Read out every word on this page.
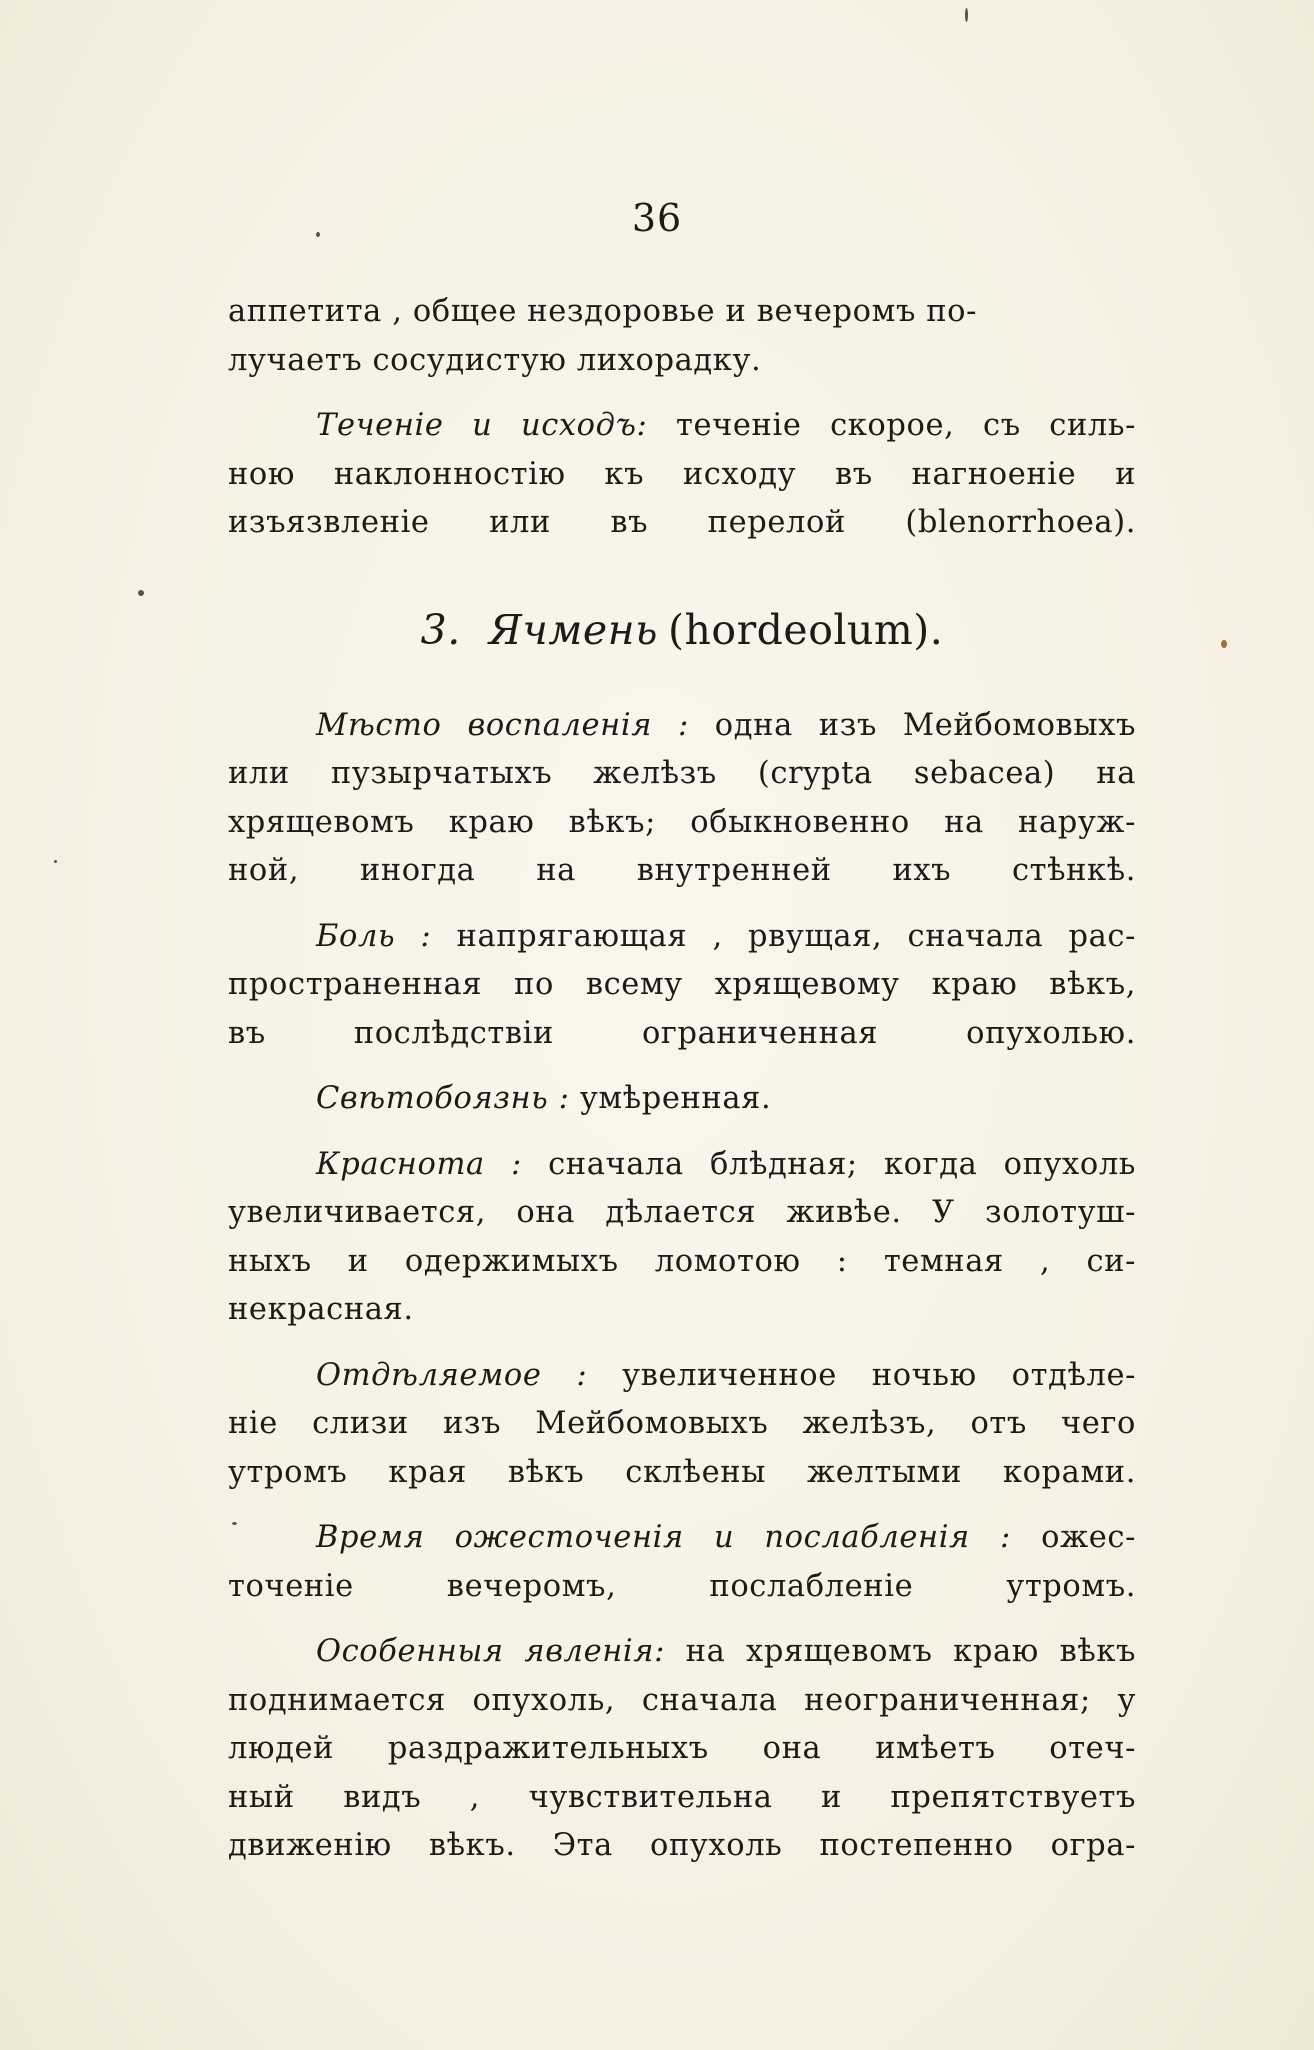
36

аппетита , общее нездоровье и вечеромъ по-
лучаетъ сосудистую лихорадку.

Теченіе и исходъ: теченіе скорое, съ силь-
ною наклонностію къ исходу въ нагноеніе и
изъязвленіе или въ перелой (blenorrhoea).

3. Ячмень (hordeolum).

Мѣсто воспаленія : одна изъ Мейбомовыхъ
или пузырчатыхъ желѣзъ (crypta sebacea) на
хрящевомъ краю вѣкъ; обыкновенно на наруж-
ной, иногда на внутренней ихъ стѣнкѣ.

Боль : напрягающая , рвущая, сначала рас-
пространенная по всему хрящевому краю вѣкъ,
въ послѣдствіи ограниченная опухолью.

Свѣтобоязнь : умѣренная.

Краснота : сначала блѣдная; когда опухоль
увеличивается, она дѣлается живѣе. У золотуш-
ныхъ и одержимыхъ ломотою : темная , си-
некрасная.

Отдѣляемое : увеличенное ночью отдѣле-
ніе слизи изъ Мейбомовыхъ желѣзъ, отъ чего
утромъ края вѣкъ склѣены желтыми корами.

Время ожесточенія и послабленія : ожес-
точеніе вечеромъ, послабленіе утромъ.

Особенныя явленія: на хрящевомъ краю вѣкъ
поднимается опухоль, сначала неограниченная; у
людей раздражительныхъ она имѣетъ отеч-
ный видъ , чувствительна и препятствуетъ
движенію вѣкъ. Эта опухоль постепенно огра-
